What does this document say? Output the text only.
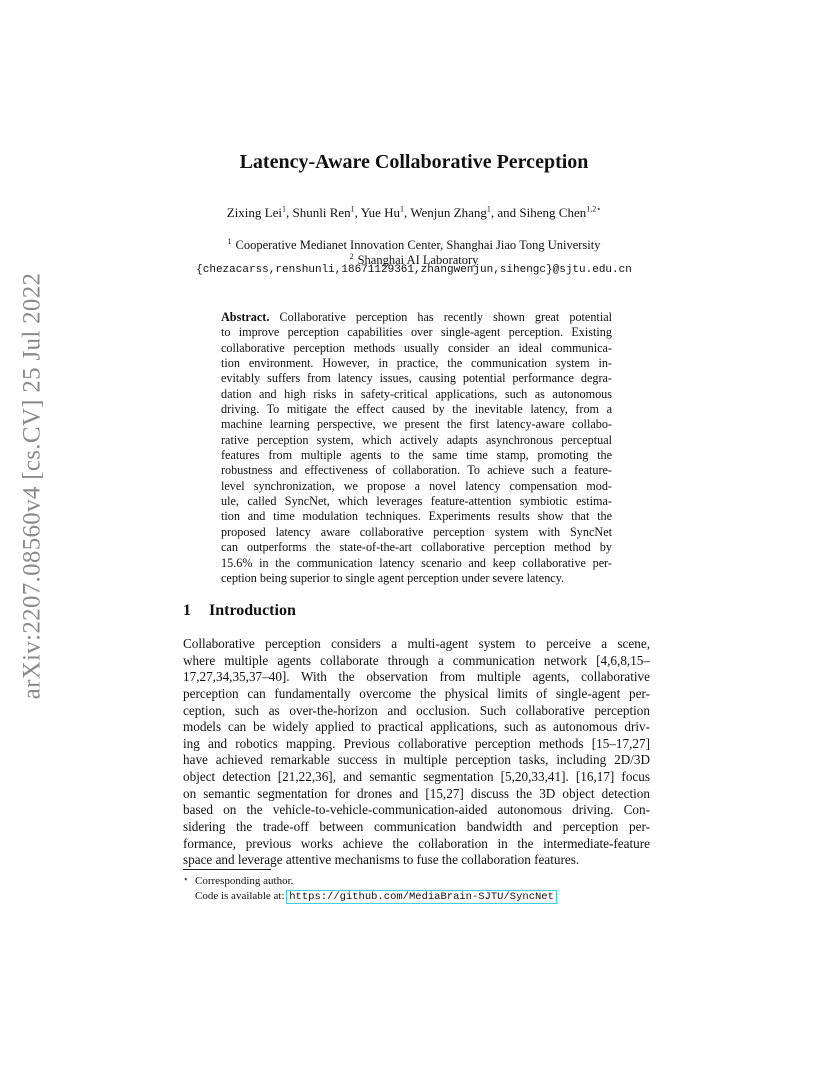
arXiv:2207.08560v4 [cs.CV] 25 Jul 2022
Latency-Aware Collaborative Perception
Zixing Lei$^1$, Shunli Ren$^1$, Yue Hu$^1$, Wenjun Zhang$^1$, and Siheng Chen$^{1,2⋆}$
$^1$ Cooperative Medianet Innovation Center, Shanghai Jiao Tong University
$^2$ Shanghai AI Laboratory
{chezacarss,renshunli,18671129361,zhangwenjun,sihengc}@sjtu.edu.cn
Abstract. Collaborative perception has recently shown great potential
to improve perception capabilities over single-agent perception. Existing
collaborative perception methods usually consider an ideal communica-
tion environment. However, in practice, the communication system in-
evitably suffers from latency issues, causing potential performance degra-
dation and high risks in safety-critical applications, such as autonomous
driving. To mitigate the effect caused by the inevitable latency, from a
machine learning perspective, we present the first latency-aware collabo-
rative perception system, which actively adapts asynchronous perceptual
features from multiple agents to the same time stamp, promoting the
robustness and effectiveness of collaboration. To achieve such a feature-
level synchronization, we propose a novel latency compensation mod-
ule, called SyncNet, which leverages feature-attention symbiotic estima-
tion and time modulation techniques. Experiments results show that the
proposed latency aware collaborative perception system with SyncNet
can outperforms the state-of-the-art collaborative perception method by
15.6% in the communication latency scenario and keep collaborative per-
ception being superior to single agent perception under severe latency.
1 Introduction
Collaborative perception considers a multi-agent system to perceive a scene,
where multiple agents collaborate through a communication network [4,6,8,15–
17,27,34,35,37–40]. With the observation from multiple agents, collaborative
perception can fundamentally overcome the physical limits of single-agent per-
ception, such as over-the-horizon and occlusion. Such collaborative perception
models can be widely applied to practical applications, such as autonomous driv-
ing and robotics mapping. Previous collaborative perception methods [15–17,27]
have achieved remarkable success in multiple perception tasks, including 2D/3D
object detection [21,22,36], and semantic segmentation [5,20,33,41]. [16,17] focus
on semantic segmentation for drones and [15,27] discuss the 3D object detection
based on the vehicle-to-vehicle-communication-aided autonomous driving. Con-
sidering the trade-off between communication bandwidth and perception per-
formance, previous works achieve the collaboration in the intermediate-feature
space and leverage attentive mechanisms to fuse the collaboration features.
⋆ Corresponding author.
Code is available at: https://github.com/MediaBrain-SJTU/SyncNet
